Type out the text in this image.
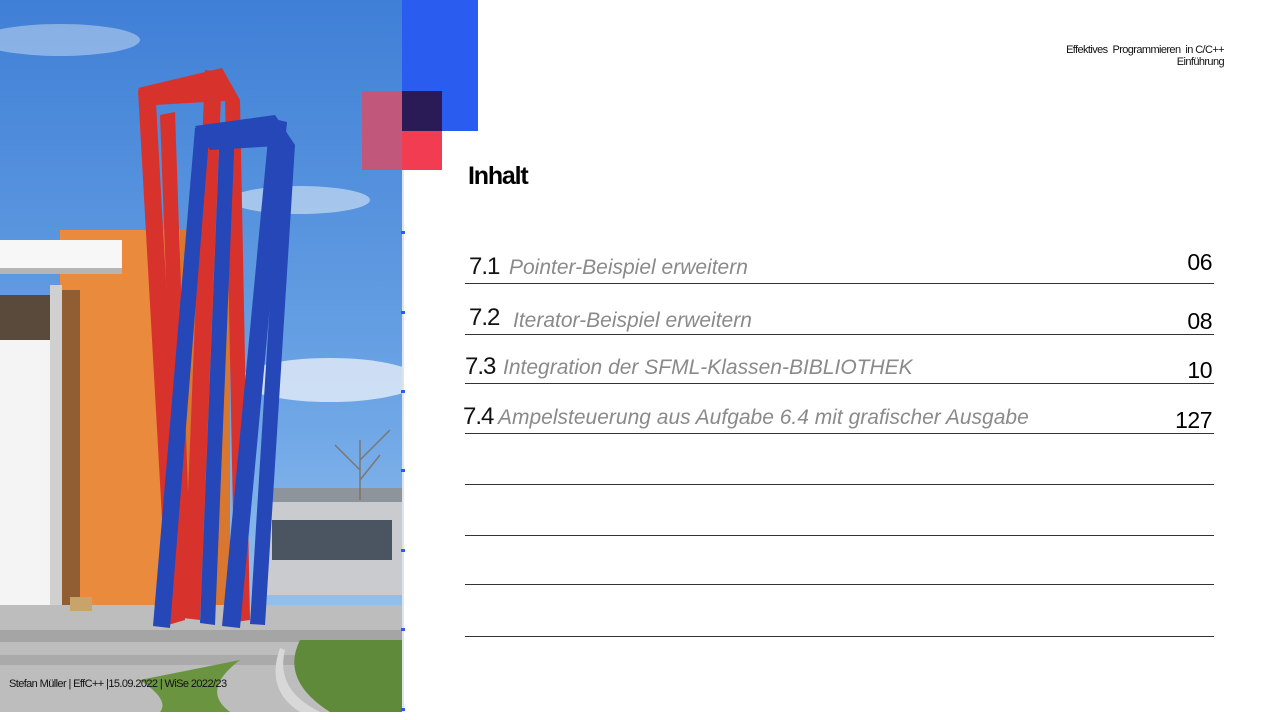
Effektives  Programmieren  in C/C++
Einführung
Inhalt
7.1 Pointer-Beispiel erweitern	06
7.2 Iterator-Beispiel erweitern	08
7.3 Integration der SFML-Klassen-BIBLIOTHEK	10
7.4 Ampelsteuerung aus Aufgabe 6.4 mit grafischer Ausgabe	127
Stefan Müller | EffC++ |15.09.2022 | WiSe 2022/23
